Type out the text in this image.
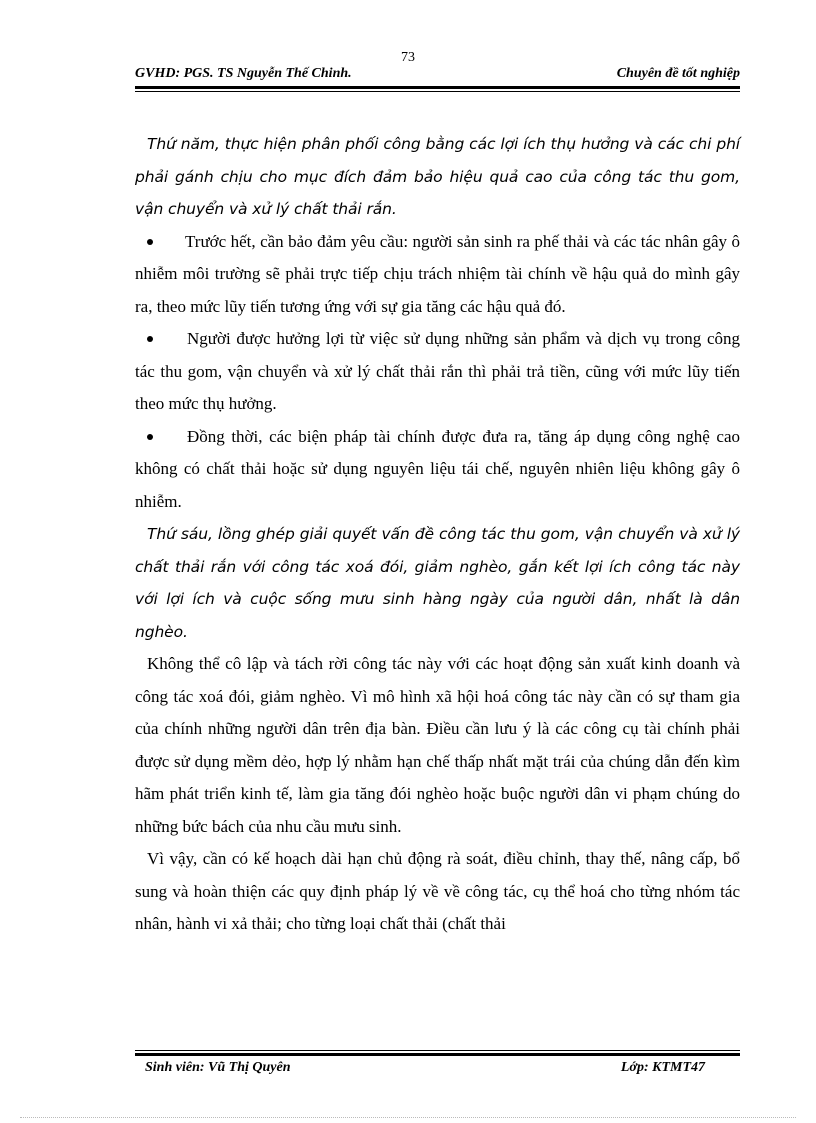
73
GVHD: PGS. TS Nguyễn Thế Chinh.	Chuyên đề tốt nghiệp

Thứ năm, thực hiện phân phối công bằng các lợi ích thụ hưởng và các chi phí phải gánh chịu cho mục đích đảm bảo hiệu quả cao của công tác thu gom, vận chuyển và xử lý chất thải rắn.

Trước hết, cần bảo đảm yêu cầu: người sản sinh ra phế thải và các tác nhân gây ô nhiễm môi trường sẽ phải trực tiếp chịu trách nhiệm tài chính về hậu quả do mình gây ra, theo mức lũy tiến tương ứng với sự gia tăng các hậu quả đó.

Người được hưởng lợi từ việc sử dụng những sản phẩm và dịch vụ trong công tác thu gom, vận chuyển và xử lý chất thải rắn thì phải trả tiền, cũng với mức lũy tiến theo mức thụ hưởng.

Đồng thời, các biện pháp tài chính được đưa ra, tăng áp dụng công nghệ cao không có chất thải hoặc sử dụng nguyên liệu tái chế, nguyên nhiên liệu không gây ô nhiễm.

Thứ sáu, lồng ghép giải quyết vấn đề công tác thu gom, vận chuyển và xử lý chất thải rắn với công tác xoá đói, giảm nghèo, gắn kết lợi ích công tác này với lợi ích và cuộc sống mưu sinh hàng ngày của người dân, nhất là dân nghèo.

Không thể cô lập và tách rời công tác này với các hoạt động sản xuất kinh doanh và công tác xoá đói, giảm nghèo. Vì mô hình xã hội hoá công tác này cần có sự tham gia của chính những người dân trên địa bàn. Điều cần lưu ý là các công cụ tài chính phải được sử dụng mềm dẻo, hợp lý nhằm hạn chế thấp nhất mặt trái của chúng dẫn đến kìm hãm phát triển kinh tế, làm gia tăng đói nghèo hoặc buộc người dân vi phạm chúng do những bức bách của nhu cầu mưu sinh.

Vì vậy, cần có kế hoạch dài hạn chủ động rà soát, điều chỉnh, thay thế, nâng cấp, bổ sung và hoàn thiện các quy định pháp lý về về công tác, cụ thể hoá cho từng nhóm tác nhân, hành vi xả thải; cho từng loại chất thải (chất thải

Sinh viên: Vũ Thị Quyên	Lớp: KTMT47
